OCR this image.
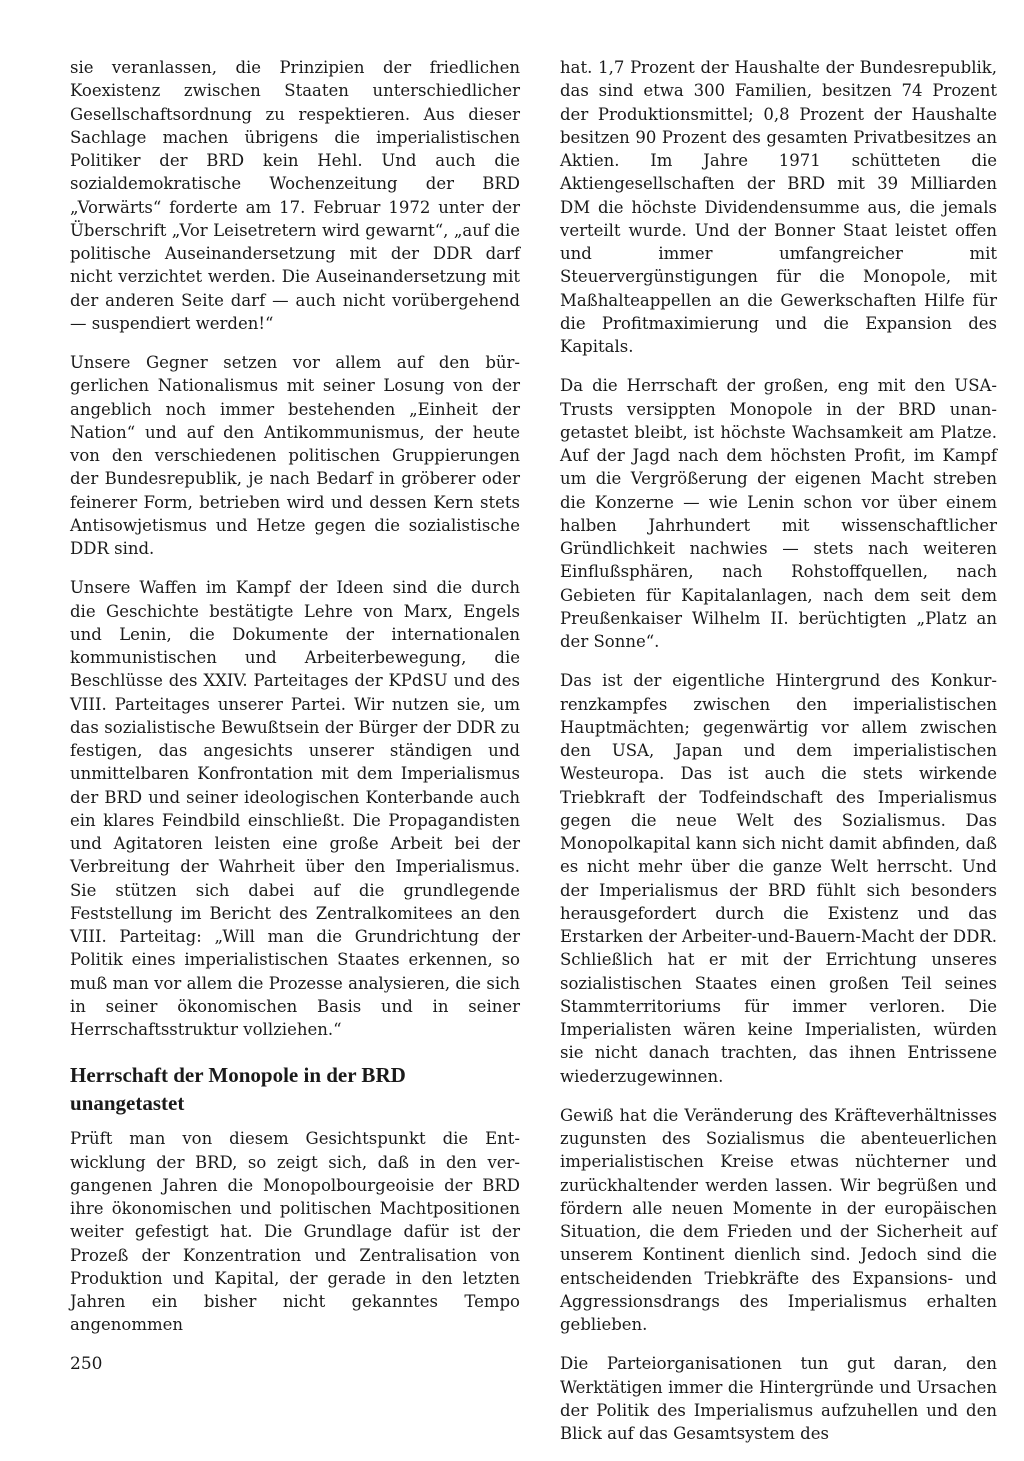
sie veranlassen, die Prinzipien der friedlichen Koexistenz zwischen Staaten unterschiedlicher Gesellschaftsordnung zu respektieren. Aus dieser Sachlage machen übrigens die imperialistischen Politiker der BRD kein Hehl. Und auch die sozialdemokratische Wochenzeitung der BRD „Vorwärts“ forderte am 17. Februar 1972 unter der Überschrift „Vor Leisetretern wird gewarnt“, „auf die politische Auseinandersetzung mit der DDR darf nicht verzichtet werden. Die Auseinandersetzung mit der anderen Seite darf — auch nicht vorübergehend — suspendiert werden!“

Unsere Gegner setzen vor allem auf den bürgerlichen Nationalismus mit seiner Losung von der angeblich noch immer bestehenden „Einheit der Nation“ und auf den Antikommunismus, der heute von den verschiedenen politischen Gruppierungen der Bundesrepublik, je nach Bedarf in gröberer oder feinerer Form, betrieben wird und dessen Kern stets Antisowjetismus und Hetze gegen die sozialistische DDR sind.

Unsere Waffen im Kampf der Ideen sind die durch die Geschichte bestätigte Lehre von Marx, Engels und Lenin, die Dokumente der internationalen kommunistischen und Arbeiterbewegung, die Beschlüsse des XXIV. Parteitages der KPdSU und des VIII. Parteitages unserer Partei. Wir nutzen sie, um das sozialistische Bewußtsein der Bürger der DDR zu festigen, das angesichts unserer ständigen und unmittelbaren Konfrontation mit dem Imperialismus der BRD und seiner ideologischen Konterbande auch ein klares Feindbild einschließt. Die Propagandisten und Agitatoren leisten eine große Arbeit bei der Verbreitung der Wahrheit über den Imperialismus. Sie stützen sich dabei auf die grundlegende Feststellung im Bericht des Zentralkomitees an den VIII. Parteitag: „Will man die Grundrichtung der Politik eines imperialistischen Staates erkennen, so muß man vor allem die Prozesse analysieren, die sich in seiner ökonomischen Basis und in seiner Herrschaftsstruktur vollziehen.“

Herrschaft der Monopole in der BRD unangetastet

Prüft man von diesem Gesichtspunkt die Entwicklung der BRD, so zeigt sich, daß in den vergangenen Jahren die Monopolbourgeoisie der BRD ihre ökonomischen und politischen Machtpositionen weiter gefestigt hat. Die Grundlage dafür ist der Prozeß der Konzentration und Zentralisation von Produktion und Kapital, der gerade in den letzten Jahren ein bisher nicht gekanntes Tempo angenommen

hat. 1,7 Prozent der Haushalte der Bundesrepublik, das sind etwa 300 Familien, besitzen 74 Prozent der Produktionsmittel; 0,8 Prozent der Haushalte besitzen 90 Prozent des gesamten Privatbesitzes an Aktien. Im Jahre 1971 schütteten die Aktiengesellschaften der BRD mit 39 Milliarden DM die höchste Dividendensumme aus, die jemals verteilt wurde. Und der Bonner Staat leistet offen und immer umfangreicher mit Steuervergünstigungen für die Monopole, mit Maßhalteappellen an die Gewerkschaften Hilfe für die Profitmaximierung und die Expansion des Kapitals.

Da die Herrschaft der großen, eng mit den USA-Trusts versippten Monopole in der BRD unangetastet bleibt, ist höchste Wachsamkeit am Platze. Auf der Jagd nach dem höchsten Profit, im Kampf um die Vergrößerung der eigenen Macht streben die Konzerne — wie Lenin schon vor über einem halben Jahrhundert mit wissenschaftlicher Gründlichkeit nachwies — stets nach weiteren Einflußsphären, nach Rohstoffquellen, nach Gebieten für Kapitalanlagen, nach dem seit dem Preußenkaiser Wilhelm II. berüchtigten „Platz an der Sonne“.

Das ist der eigentliche Hintergrund des Konkurrenzkampfes zwischen den imperialistischen Hauptmächten; gegenwärtig vor allem zwischen den USA, Japan und dem imperialistischen Westeuropa. Das ist auch die stets wirkende Triebkraft der Todfeindschaft des Imperialismus gegen die neue Welt des Sozialismus. Das Monopolkapital kann sich nicht damit abfinden, daß es nicht mehr über die ganze Welt herrscht. Und der Imperialismus der BRD fühlt sich besonders herausgefordert durch die Existenz und das Erstarken der Arbeiter-und-Bauern-Macht der DDR. Schließlich hat er mit der Errichtung unseres sozialistischen Staates einen großen Teil seines Stammterritoriums für immer verloren. Die Imperialisten wären keine Imperialisten, würden sie nicht danach trachten, das ihnen Entrissene wiederzugewinnen.

Gewiß hat die Veränderung des Kräfteverhältnisses zugunsten des Sozialismus die abenteuerlichen imperialistischen Kreise etwas nüchterner und zurückhaltender werden lassen. Wir begrüßen und fördern alle neuen Momente in der europäischen Situation, die dem Frieden und der Sicherheit auf unserem Kontinent dienlich sind. Jedoch sind die entscheidenden Triebkräfte des Expansions- und Aggressionsdrangs des Imperialismus erhalten geblieben.

Die Parteiorganisationen tun gut daran, den Werktätigen immer die Hintergründe und Ursachen der Politik des Imperialismus aufzuhellen und den Blick auf das Gesamtsystem des

250
